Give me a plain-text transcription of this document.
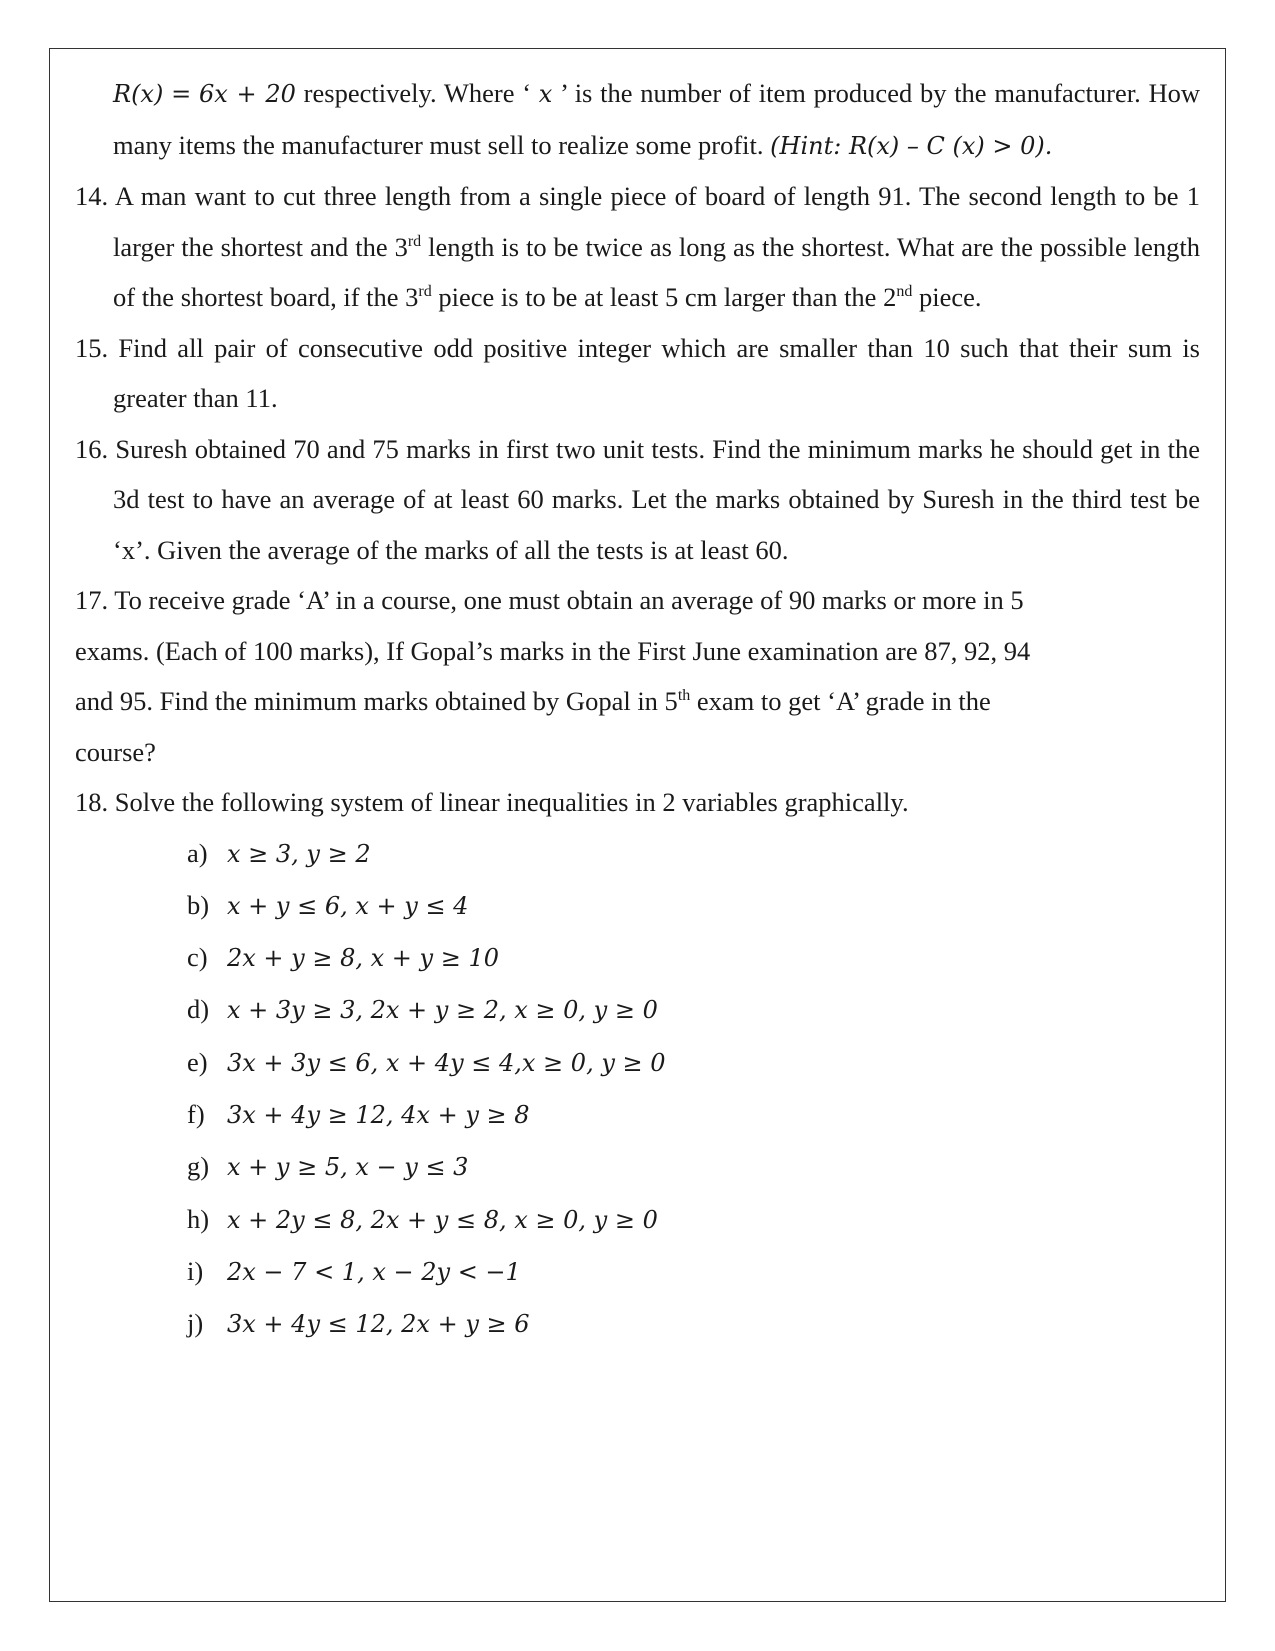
R(x) = 6x + 20 respectively. Where ‘ x ’ is the number of item produced by the manufacturer. How many items the manufacturer must sell to realize some profit. (Hint: R(x) – C (x) > 0).
14. A man want to cut three length from a single piece of board of length 91. The second length to be 1 larger the shortest and the 3rd length is to be twice as long as the shortest. What are the possible length of the shortest board, if the 3rd piece is to be at least 5 cm larger than the 2nd piece.
15. Find all pair of consecutive odd positive integer which are smaller than 10 such that their sum is greater than 11.
16. Suresh obtained 70 and 75 marks in first two unit tests. Find the minimum marks he should get in the 3d test to have an average of at least 60 marks. Let the marks obtained by Suresh in the third test be ‘x’. Given the average of the marks of all the tests is at least 60.
17. To receive grade ‘A’ in a course, one must obtain an average of 90 marks or more in 5
exams. (Each of 100 marks), If Gopal’s marks in the First June examination are 87, 92, 94
and 95. Find the minimum marks obtained by Gopal in 5th exam to get ‘A’ grade in the
course?
18. Solve the following system of linear inequalities in 2 variables graphically.
a) x ≥ 3, y ≥ 2
b) x + y ≤ 6, x + y ≤ 4
c) 2x + y ≥ 8, x + y ≥ 10
d) x + 3y ≥ 3, 2x + y ≥ 2, x ≥ 0, y ≥ 0
e) 3x + 3y ≤ 6, x + 4y ≤ 4,x ≥ 0, y ≥ 0
f) 3x + 4y ≥ 12, 4x + y ≥ 8
g) x + y ≥ 5, x − y ≤ 3
h) x + 2y ≤ 8, 2x + y ≤ 8, x ≥ 0, y ≥ 0
i) 2x − 7 < 1, x − 2y < −1
j) 3x + 4y ≤ 12, 2x + y ≥ 6
